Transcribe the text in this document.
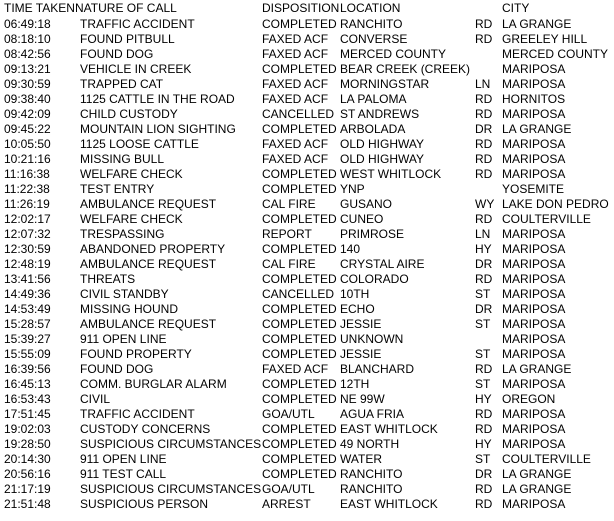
TIME TAKEN NATURE OF CALL	DISPOSITION LOCATION	CITY
06:49:18 TRAFFIC ACCIDENT	COMPLETED RANCHITO	RD LA GRANGE
08:18:10 FOUND PITBULL	FAXED ACF CONVERSE	RD GREELEY HILL
08:42:56 FOUND DOG	FAXED ACF MERCED COUNTY	MERCED COUNTY
09:13:21 VEHICLE IN CREEK	COMPLETED BEAR CREEK (CREEK)	MARIPOSA
09:30:59 TRAPPED CAT	FAXED ACF MORNINGSTAR	LN MARIPOSA
09:38:40 1125 CATTLE IN THE ROAD FAXED ACF LA PALOMA	RD HORNITOS
09:42:09 CHILD CUSTODY	CANCELLED ST ANDREWS	RD MARIPOSA
09:45:22 MOUNTAIN LION SIGHTING COMPLETED ARBOLADA	DR LA GRANGE
10:05:50 1125 LOOSE CATTLE	FAXED ACF OLD HIGHWAY	RD MARIPOSA
10:21:16 MISSING BULL	FAXED ACF OLD HIGHWAY	RD MARIPOSA
11:16:38	WELFARE CHECK	COMPLETED WEST WHITLOCK	RD MARIPOSA
11:22:38	TEST ENTRY	COMPLETED YNP	YOSEMITE
11:26:19	AMBULANCE REQUEST	CAL FIRE GUSANO	WY LAKE DON PEDRO
12:02:17 WELFARE CHECK	COMPLETED CUNEO	RD COULTERVILLE
12:07:32 TRESPASSING	REPORT PRIMROSE	LN MARIPOSA
12:30:59 ABANDONED PROPERTY	COMPLETED 140	HY MARIPOSA
12:48:19 AMBULANCE REQUEST	CAL FIRE CRYSTAL AIRE	DR MARIPOSA
13:41:56 THREATS	COMPLETED COLORADO	RD MARIPOSA
14:49:36 CIVIL STANDBY	CANCELLED 10TH	ST MARIPOSA
14:53:49 MISSING HOUND	COMPLETED ECHO	DR MARIPOSA
15:28:57 AMBULANCE REQUEST	COMPLETED JESSIE	ST MARIPOSA
15:39:27 911 OPEN LINE	COMPLETED UNKNOWN	MARIPOSA
15:55:09 FOUND PROPERTY	COMPLETED JESSIE	ST MARIPOSA
16:39:56 FOUND DOG	FAXED ACF BLANCHARD	RD LA GRANGE
16:45:13 COMM. BURGLAR ALARM	COMPLETED 12TH	ST MARIPOSA
16:53:43 CIVIL	COMPLETED NE 99W	HY OREGON
17:51:45 TRAFFIC ACCIDENT	GOA/UTL AGUA FRIA	RD MARIPOSA
19:02:03 CUSTODY CONCERNS	COMPLETED EAST WHITLOCK	RD MARIPOSA
19:28:50 SUSPICIOUS CIRCUMSTANCES COMPLETED 49 NORTH	HY MARIPOSA
20:14:30 911 OPEN LINE	COMPLETED WATER	ST COULTERVILLE
20:56:16 911 TEST CALL	COMPLETED RANCHITO	DR LA GRANGE
21:17:19 SUSPICIOUS CIRCUMSTANCES GOA/UTL RANCHITO	RD LA GRANGE
21:51:48 SUSPICIOUS PERSON	ARREST EAST WHITLOCK	RD MARIPOSA
